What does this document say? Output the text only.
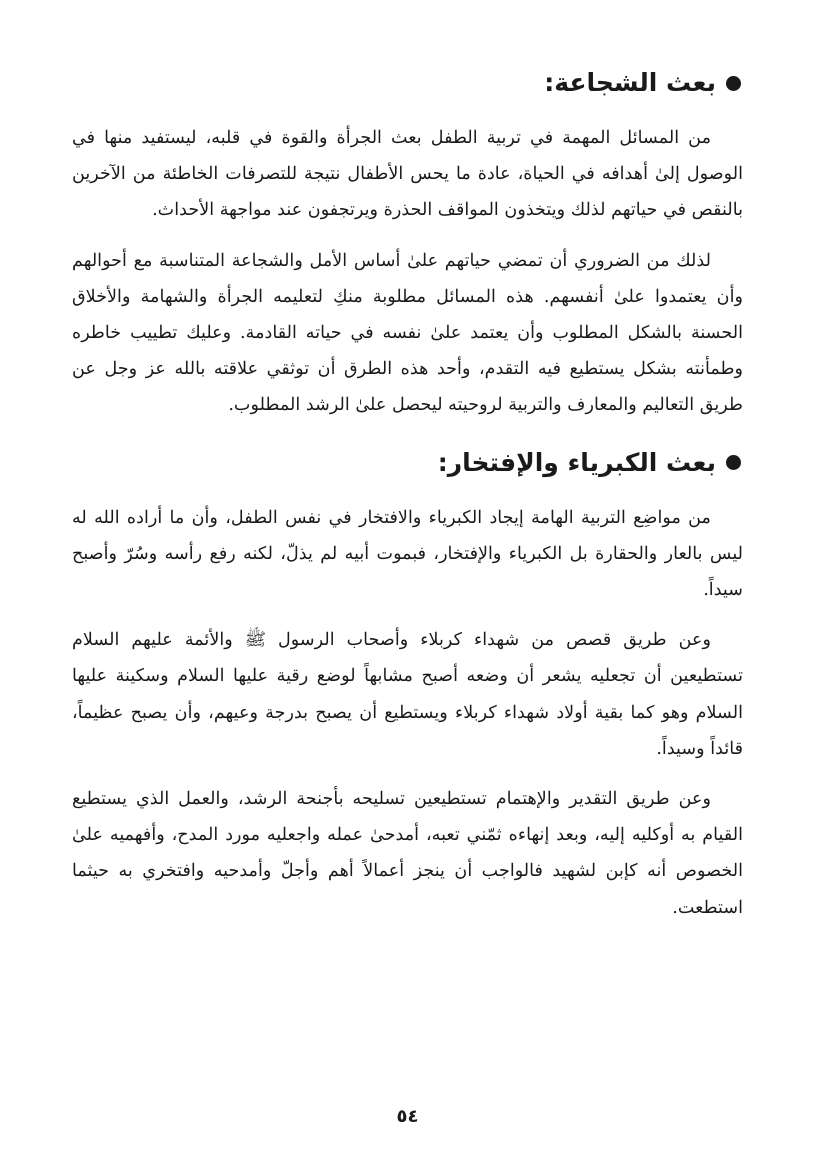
بعث الشجاعة:

من المسائل المهمة في تربية الطفل بعث الجرأة والقوة في قلبه، ليستفيد منها في الوصول إلىٰ أهدافه في الحياة، عادة ما يحس الأطفال نتيجة للتصرفات الخاطئة من الآخرين بالنقص في حياتهم لذلك ويتخذون المواقف الحذرة ويرتجفون عند مواجهة الأحداث.

لذلك من الضروري أن تمضي حياتهم علىٰ أساس الأمل والشجاعة المتناسبة مع أحوالهم وأن يعتمدوا علىٰ أنفسهم. هذه المسائل مطلوبة منكِ لتعليمه الجرأة والشهامة والأخلاق الحسنة بالشكل المطلوب وأن يعتمد علىٰ نفسه في حياته القادمة. وعليك تطييب خاطره وطمأنته بشكل يستطيع فيه التقدم، وأحد هذه الطرق أن توثقي علاقته بالله عز وجل عن طريق التعاليم والمعارف والتربية لروحيته ليحصل علىٰ الرشد المطلوب.

بعث الكبرياء والإفتخار:

من مواضِع التربية الهامة إيجاد الكبرياء والافتخار في نفس الطفل، وأن ما أراده الله له ليس بالعار والحقارة بل الكبرياء والإفتخار، فبموت أبيه لم يذلّ، لكنه رفع رأسه وسُرّ وأصبح سيداً.

وعن طريق قصص من شهداء كربلاء وأصحاب الرسول ﷺ والأئمة عليهم السلام تستطيعين أن تجعليه يشعر أن وضعه أصبح مشابهاً لوضع رقية عليها السلام وسكينة عليها السلام وهو كما بقية أولاد شهداء كربلاء ويستطيع أن يصبح بدرجة وعيهم، وأن يصبح عظيماً، قائداً وسيداً.

وعن طريق التقدير والإهتمام تستطيعين تسليحه بأجنحة الرشد، والعمل الذي يستطيع القيام به أوكليه إليه، وبعد إنهاءه ثمّني تعبه، أمدحىٰ عمله واجعليه مورد المدح، وأفهميه علىٰ الخصوص أنه كإبن لشهيد فالواجب أن ينجز أعمالاً أهم وأجلّ وأمدحيه وافتخري به حيثما استطعت.

٥٤
